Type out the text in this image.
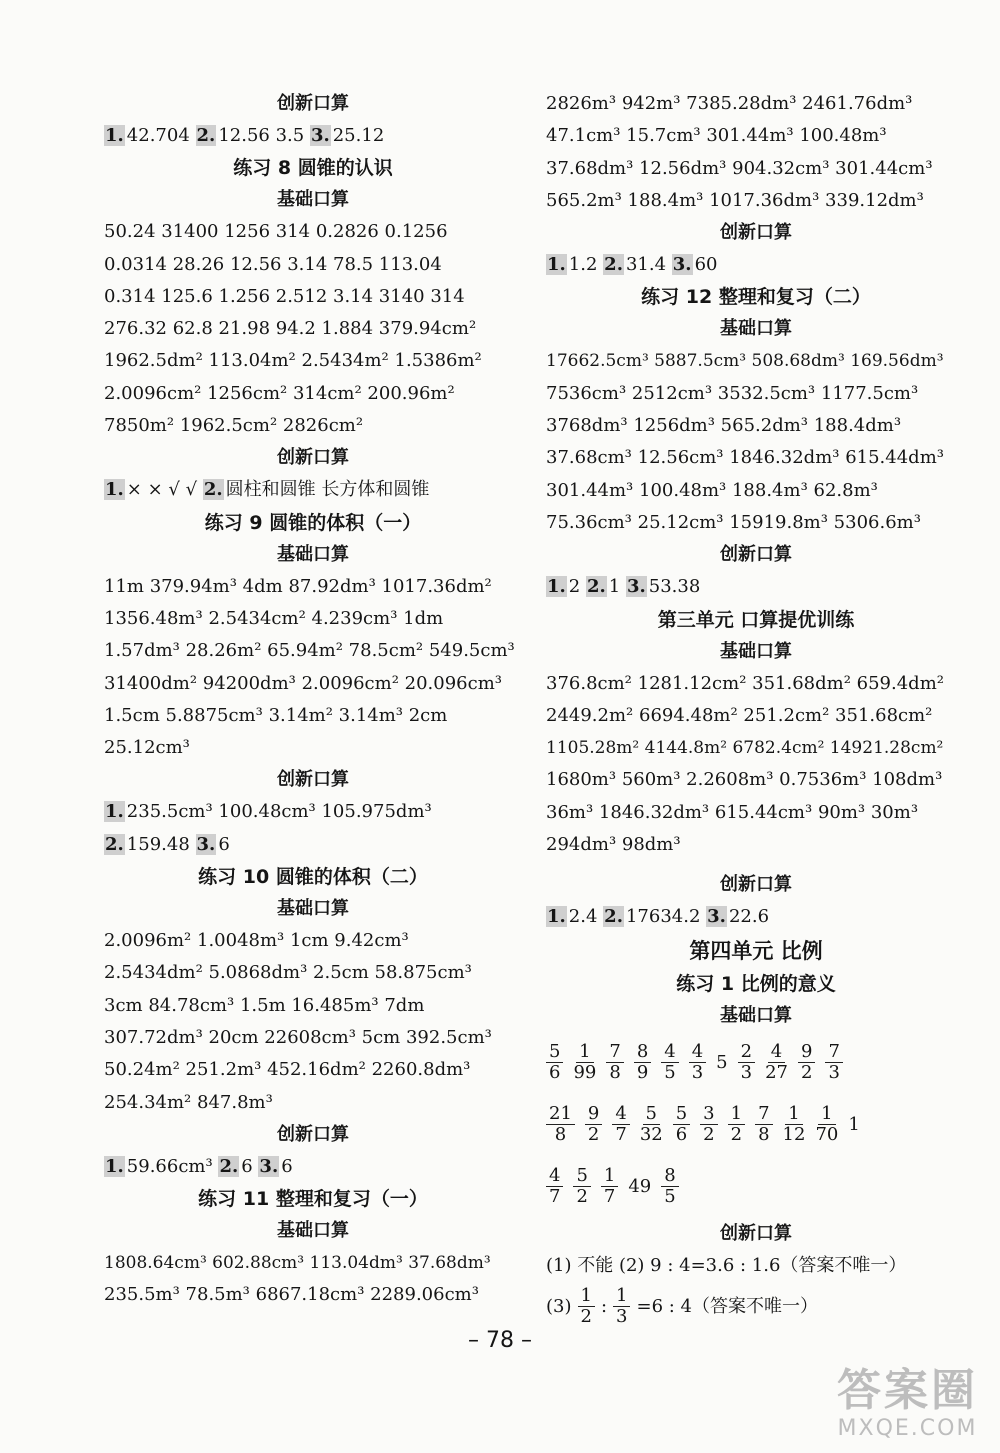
创新口算
1. 42.704 2. 12.56 3.5 3. 25.12
练习 8 圆锥的认识
基础口算
50.24 31400 1256 314 0.2826 0.1256
0.0314 28.26 12.56 3.14 78.5 113.04
0.314 125.6 1.256 2.512 3.14 3140 314
276.32 62.8 21.98 94.2 1.884 379.94cm²
1962.5dm² 113.04m² 2.5434m² 1.5386m²
2.0096cm² 1256cm² 314cm² 200.96m²
7850m² 1962.5cm² 2826cm²
创新口算
1. × × √ √ 2. 圆柱和圆锥 长方体和圆锥
练习 9 圆锥的体积（一）
基础口算
11m 379.94m³ 4dm 87.92dm³ 1017.36dm²
1356.48m³ 2.5434cm² 4.239cm³ 1dm
1.57dm³ 28.26m² 65.94m² 78.5cm² 549.5cm³
31400dm² 94200dm³ 2.0096cm² 20.096cm³
1.5cm 5.8875cm³ 3.14m² 3.14m³ 2cm
25.12cm³
创新口算
1. 235.5cm³ 100.48cm³ 105.975dm³
2. 159.48 3. 6
练习 10 圆锥的体积（二）
基础口算
2.0096m² 1.0048m³ 1cm 9.42cm³
2.5434dm² 5.0868dm³ 2.5cm 58.875cm³
3cm 84.78cm³ 1.5m 16.485m³ 7dm
307.72dm³ 20cm 22608cm³ 5cm 392.5cm³
50.24m² 251.2m³ 452.16dm² 2260.8dm³
254.34m² 847.8m³
创新口算
1. 59.66cm³ 2. 6 3. 6
练习 11 整理和复习（一）
基础口算
1808.64cm³ 602.88cm³ 113.04dm³ 37.68dm³
235.5m³ 78.5m³ 6867.18cm³ 2289.06cm³
2826m³ 942m³ 7385.28dm³ 2461.76dm³
47.1cm³ 15.7cm³ 301.44m³ 100.48m³
37.68dm³ 12.56dm³ 904.32cm³ 301.44cm³
565.2m³ 188.4m³ 1017.36dm³ 339.12dm³
创新口算
1. 1.2 2. 31.4 3. 60
练习 12 整理和复习（二）
基础口算
17662.5cm³ 5887.5cm³ 508.68dm³ 169.56dm³
7536cm³ 2512cm³ 3532.5cm³ 1177.5cm³
3768dm³ 1256dm³ 565.2dm³ 188.4dm³
37.68cm³ 12.56cm³ 1846.32dm³ 615.44dm³
301.44m³ 100.48m³ 188.4m³ 62.8m³
75.36cm³ 25.12cm³ 15919.8m³ 5306.6m³
创新口算
1. 2 2. 1 3. 53.38
第三单元 口算提优训练
基础口算
376.8cm² 1281.12cm² 351.68dm² 659.4dm²
2449.2m² 6694.48m² 251.2cm² 351.68cm²
1105.28m² 4144.8m² 6782.4cm² 14921.28cm²
1680m³ 560m³ 2.2608m³ 0.7536m³ 108dm³
36m³ 1846.32dm³ 615.44cm³ 90m³ 30m³
294dm³ 98dm³
创新口算
1. 2.4 2. 17634.2 3. 22.6
第四单元 比例
练习 1 比例的意义
基础口算
$\frac{5}{6} \frac{1}{99} \frac{7}{8} \frac{8}{9} \frac{4}{5} \frac{4}{3} 5 \frac{2}{3} \frac{4}{27} \frac{9}{2} \frac{7}{3}$
$\frac{21}{8} \frac{9}{2} \frac{4}{7} \frac{5}{32} \frac{5}{6} \frac{3}{2} \frac{1}{2} \frac{7}{8} \frac{1}{12} \frac{1}{70} 1$
$\frac{4}{7} \frac{5}{2} \frac{1}{7} 49 \frac{8}{5}$
创新口算
(1) 不能 (2) 9 : 4=3.6 : 1.6（答案不唯一）
$(3) \frac{1}{2}$ : $\frac{1}{3} =6$ : 4（答案不唯一）
– 78 –
答案圈
MXQE.COM
